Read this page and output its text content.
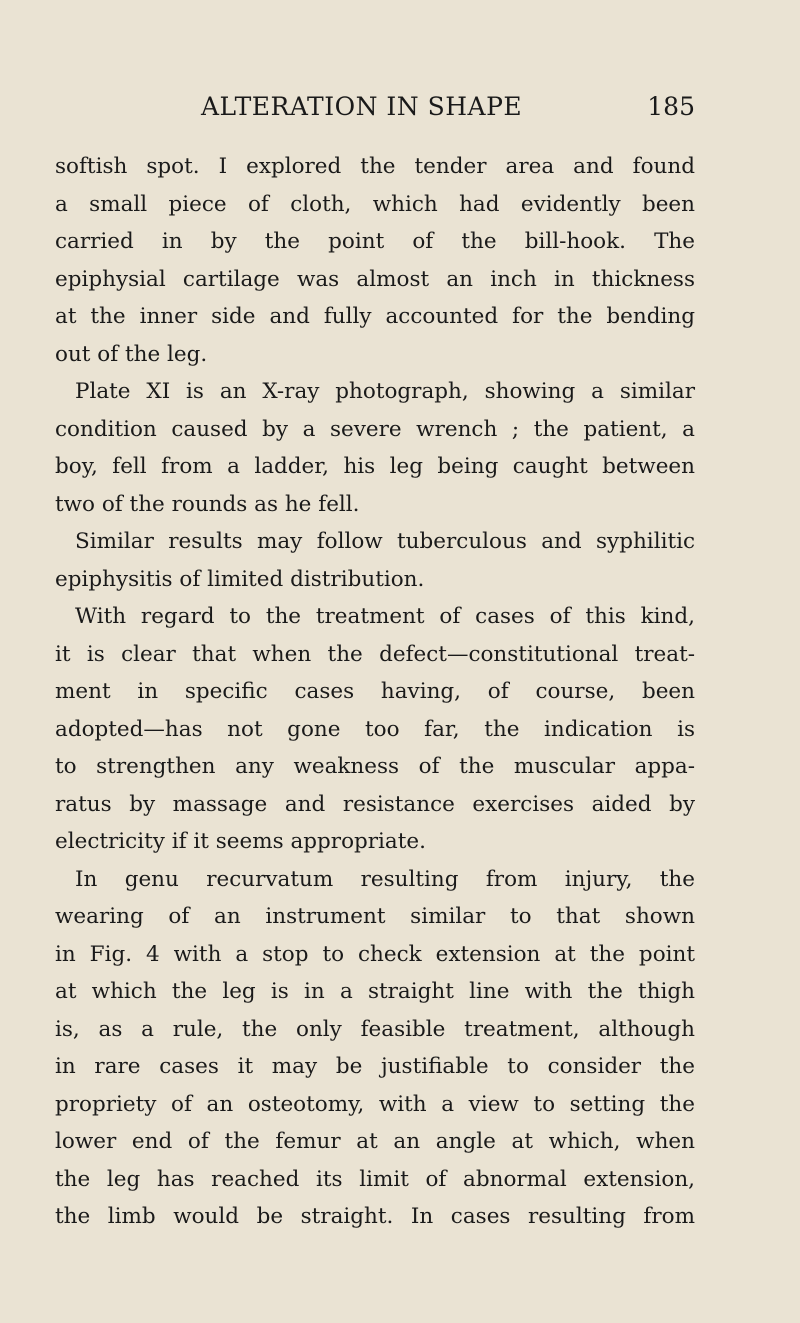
ALTERATION IN SHAPE	185
softish spot. I explored the tender area and found
a small piece of cloth, which had evidently been
carried in by the point of the bill-hook. The
epiphysial cartilage was almost an inch in thickness
at the inner side and fully accounted for the bending
out of the leg.
Plate XI is an X-ray photograph, showing a similar
condition caused by a severe wrench ; the patient, a
boy, fell from a ladder, his leg being caught between
two of the rounds as he fell.
Similar results may follow tuberculous and syphilitic
epiphysitis of limited distribution.
With regard to the treatment of cases of this kind,
it is clear that when the defect—constitutional treat-
ment in specific cases having, of course, been
adopted—has not gone too far, the indication is
to strengthen any weakness of the muscular appa-
ratus by massage and resistance exercises aided by
electricity if it seems appropriate.
In genu recurvatum resulting from injury, the
wearing of an instrument similar to that shown
in Fig. 4 with a stop to check extension at the point
at which the leg is in a straight line with the thigh
is, as a rule, the only feasible treatment, although
in rare cases it may be justifiable to consider the
propriety of an osteotomy, with a view to setting the
lower end of the femur at an angle at which, when
the leg has reached its limit of abnormal extension,
the limb would be straight. In cases resulting from
